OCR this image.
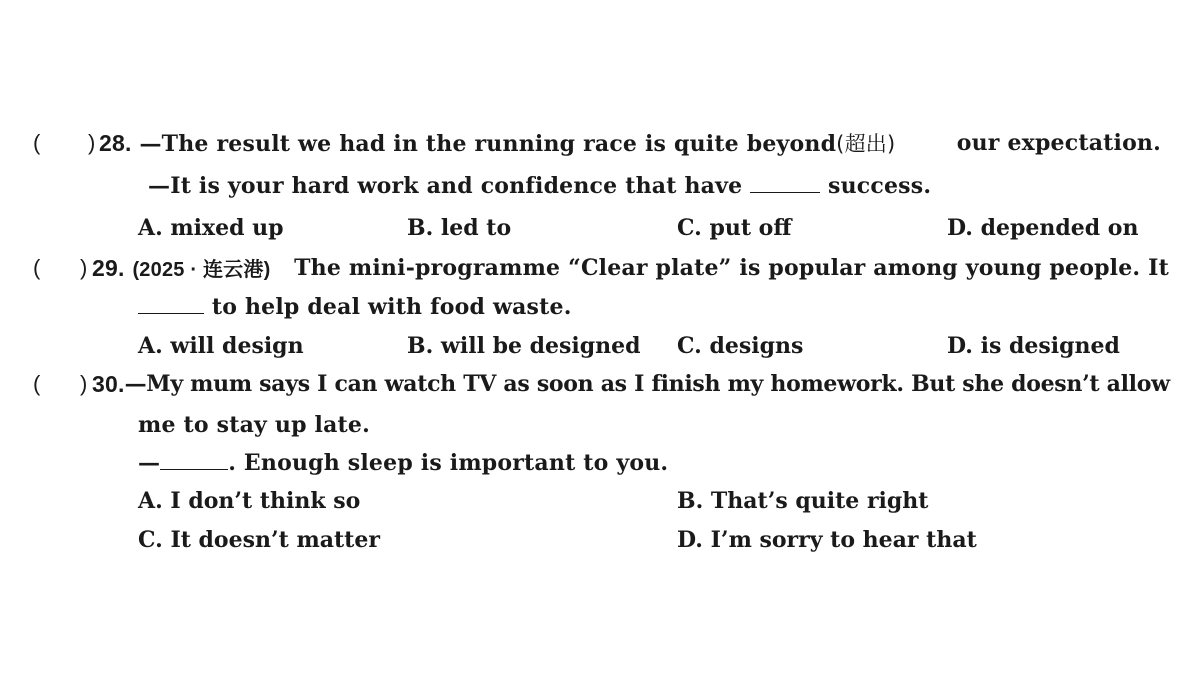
( ) 28. —The result we had in the running race is quite beyond(超出)	our expectation.
—It is your hard work and confidence that have	success.
A. mixed up	B. led to	C. put off	D. depended on
( ) 29. (2025 · 连云港) The mini-programme “Clear plate” is popular among young people. It
to help deal with food waste.
A. will design	B. will be designed C. designs	D. is designed
( ) 30. —My mum says I can watch TV as soon as I finish my homework. But she doesn’t allow
me to stay up late.
—	. Enough sleep is important to you.
A. I don’t think so	B. That’s quite right
C. It doesn’t matter	D. I’m sorry to hear that
